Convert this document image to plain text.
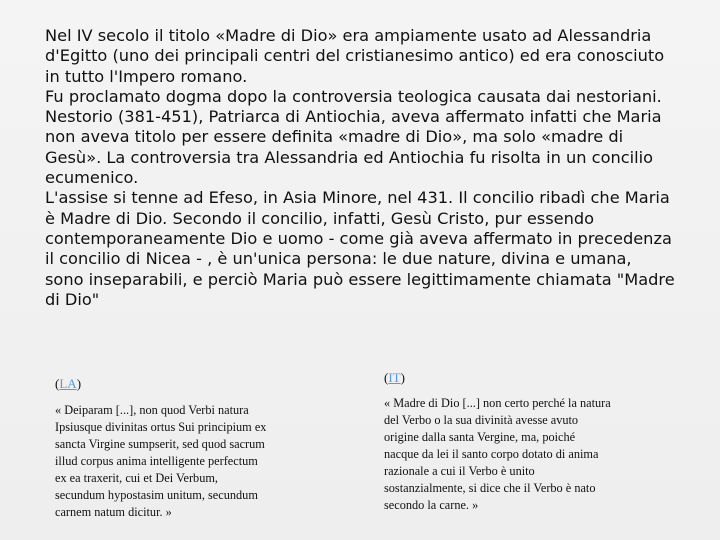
Nel IV secolo il titolo «Madre di Dio» era ampiamente usato ad Alessandria d'Egitto (uno dei principali centri del cristianesimo antico) ed era conosciuto in tutto l'Impero romano.

Fu proclamato dogma dopo la controversia teologica causata dai nestoriani. Nestorio (381-451), Patriarca di Antiochia, aveva affermato infatti che Maria non aveva titolo per essere definita «madre di Dio», ma solo «madre di Gesù». La controversia tra Alessandria ed Antiochia fu risolta in un concilio ecumenico.

L'assise si tenne ad Efeso, in Asia Minore, nel 431. Il concilio ribadì che Maria è Madre di Dio. Secondo il concilio, infatti, Gesù Cristo, pur essendo contemporaneamente Dio e uomo - come già aveva affermato in precedenza il concilio di Nicea - , è un'unica persona: le due nature, divina e umana, sono inseparabili, e perciò Maria può essere legittimamente chiamata "Madre di Dio"

(LA)

« Deiparam [...], non quod Verbi natura
Ipsiusque divinitas ortus Sui principium ex
sancta Virgine sumpserit, sed quod sacrum
illud corpus anima intelligente perfectum
ex ea traxerit, cui et Dei Verbum,
secundum hypostasim unitum, secundum
carnem natum dicitur. »

(IT)

« Madre di Dio [...] non certo perché la natura
del Verbo o la sua divinità avesse avuto
origine dalla santa Vergine, ma, poiché
nacque da lei il santo corpo dotato di anima
razionale a cui il Verbo è unito
sostanzialmente, si dice che il Verbo è nato
secondo la carne. »
